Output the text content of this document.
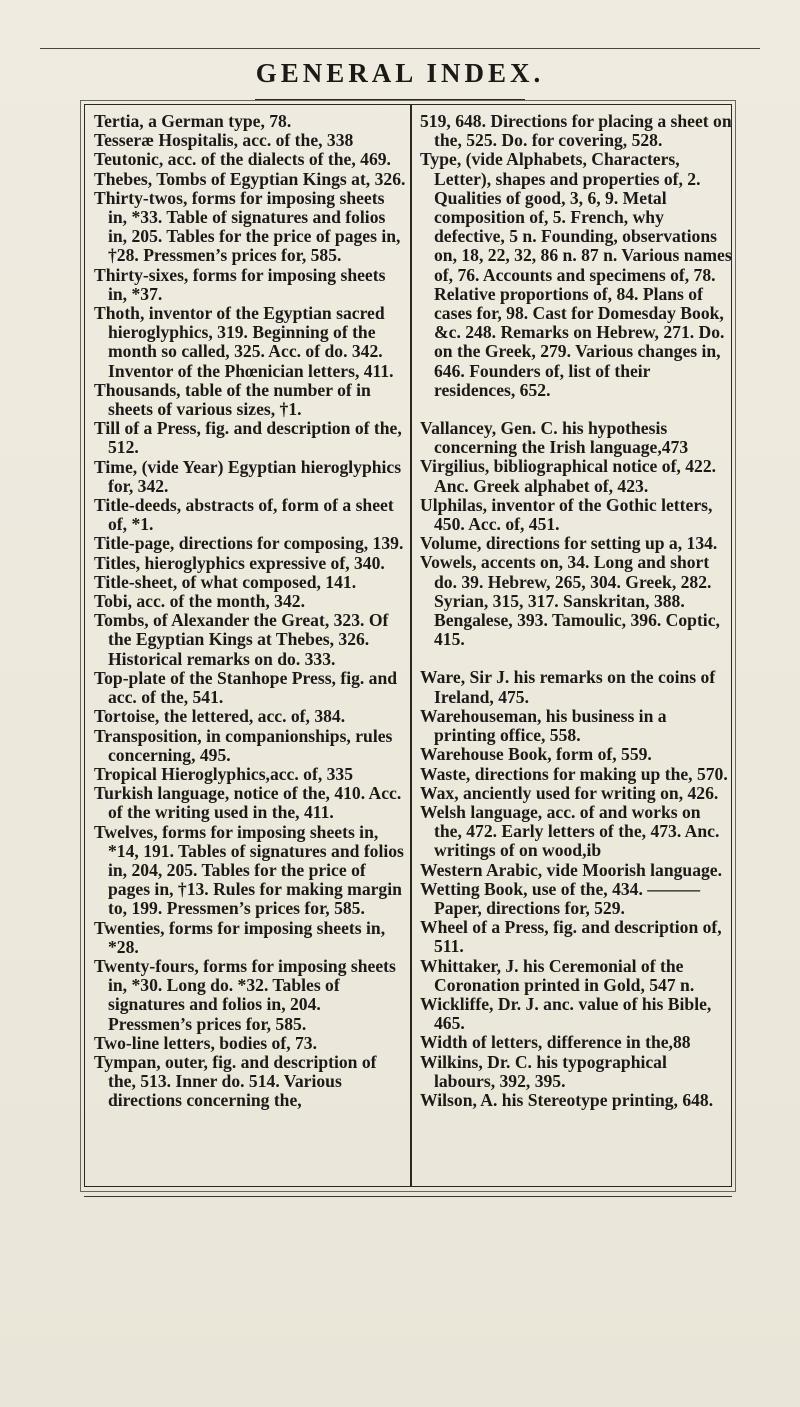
GENERAL INDEX.
Tertia, a German type, 78.
Tesseræ Hospitalis, acc. of the, 338
Teutonic, acc. of the dialects of the, 469.
Thebes, Tombs of Egyptian Kings at, 326.
Thirty-twos, forms for imposing sheets in, *33. Table of signatures and folios in, 205. Tables for the price of pages in, †28. Pressmen’s prices for, 585.
Thirty-sixes, forms for imposing sheets in, *37.
Thoth, inventor of the Egyptian sacred hieroglyphics, 319. Beginning of the month so called, 325. Acc. of do. 342. Inventor of the Phœnician letters, 411.
Thousands, table of the number of in sheets of various sizes, †1.
Till of a Press, fig. and description of the, 512.
Time, (vide Year) Egyptian hieroglyphics for, 342.
Title-deeds, abstracts of, form of a sheet of, *1.
Title-page, directions for composing, 139.
Titles, hieroglyphics expressive of, 340.
Title-sheet, of what composed, 141.
Tobi, acc. of the month, 342.
Tombs, of Alexander the Great, 323. Of the Egyptian Kings at Thebes, 326. Historical remarks on do. 333.
Top-plate of the Stanhope Press, fig. and acc. of the, 541.
Tortoise, the lettered, acc. of, 384.
Transposition, in companionships, rules concerning, 495.
Tropical Hieroglyphics,acc. of, 335
Turkish language, notice of the, 410. Acc. of the writing used in the, 411.
Twelves, forms for imposing sheets in, *14, 191. Tables of signatures and folios in, 204, 205. Tables for the price of pages in, †13. Rules for making margin to, 199. Pressmen’s prices for, 585.
Twenties, forms for imposing sheets in, *28.
Twenty-fours, forms for imposing sheets in, *30. Long do. *32. Tables of signatures and folios in, 204. Pressmen’s prices for, 585.
Two-line letters, bodies of, 73.
Tympan, outer, fig. and description of the, 513. Inner do. 514. Various directions concerning the,
519, 648. Directions for placing a sheet on the, 525. Do. for covering, 528.
Type, (vide Alphabets, Characters, Letter), shapes and properties of, 2. Qualities of good, 3, 6, 9. Metal composition of, 5. French, why defective, 5 n. Founding, observations on, 18, 22, 32, 86 n. 87 n. Various names of, 76. Accounts and specimens of, 78. Relative proportions of, 84. Plans of cases for, 98. Cast for Domesday Book, &c. 248. Remarks on Hebrew, 271. Do. on the Greek, 279. Various changes in, 646. Founders of, list of their residences, 652.
Vallancey, Gen. C. his hypothesis concerning the Irish language,473
Virgilius, bibliographical notice of, 422. Anc. Greek alphabet of, 423.
Ulphilas, inventor of the Gothic letters, 450. Acc. of, 451.
Volume, directions for setting up a, 134.
Vowels, accents on, 34. Long and short do. 39. Hebrew, 265, 304. Greek, 282. Syrian, 315, 317. Sanskritan, 388. Bengalese, 393. Tamoulic, 396. Coptic, 415.
Ware, Sir J. his remarks on the coins of Ireland, 475.
Warehouseman, his business in a printing office, 558.
Warehouse Book, form of, 559.
Waste, directions for making up the, 570.
Wax, anciently used for writing on, 426.
Welsh language, acc. of and works on the, 472. Early letters of the, 473. Anc. writings of on wood,ib
Western Arabic, vide Moorish language.
Wetting Book, use of the, 434. ——— Paper, directions for, 529.
Wheel of a Press, fig. and description of, 511.
Whittaker, J. his Ceremonial of the Coronation printed in Gold, 547 n.
Wickliffe, Dr. J. anc. value of his Bible, 465.
Width of letters, difference in the,88
Wilkins, Dr. C. his typographical labours, 392, 395.
Wilson, A. his Stereotype printing, 648.
